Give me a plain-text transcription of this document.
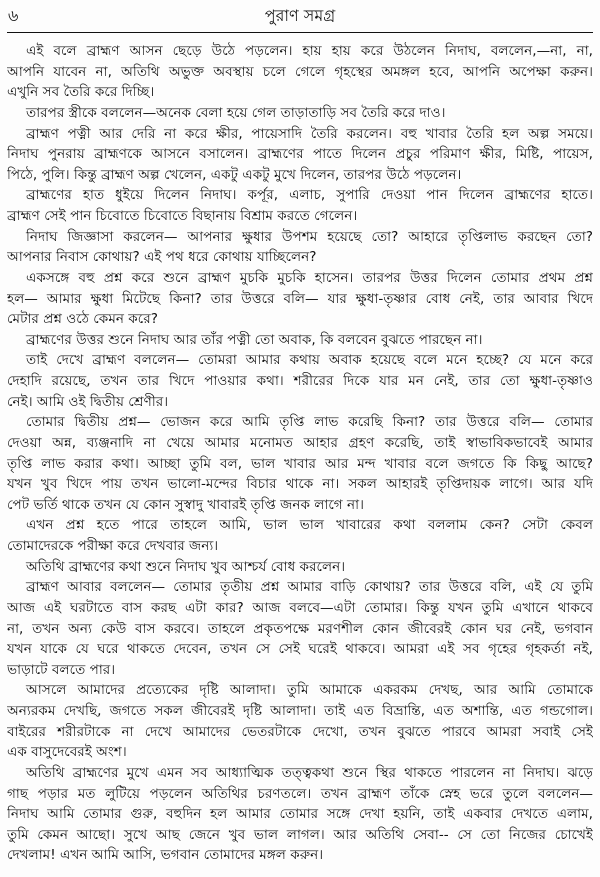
৬	পুরাণ সমগ্র
এই বলে ব্রাহ্মণ আসন ছেড়ে উঠে পড়লেন। হায় হায় করে উঠলেন নিদাঘ, বললেন,—না, না,
আপনি যাবেন না, অতিথি অভুক্ত অবস্থায় চলে গেলে গৃহস্থের অমঙ্গল হবে, আপনি অপেক্ষা করুন।
এখুনি সব তৈরি করে দিচ্ছি।
তারপর স্ত্রীকে বললেন—অনেক বেলা হয়ে গেল তাড়াতাড়ি সব তৈরি করে দাও।
ব্রাহ্মণ পত্নী আর দেরি না করে ক্ষীর, পায়েসাদি তৈরি করলেন। বহু খাবার তৈরি হল অল্প সময়ে।
নিদাঘ পুনরায় ব্রাহ্মণকে আসনে বসালেন। ব্রাহ্মণের পাতে দিলেন প্রচুর পরিমাণ ক্ষীর, মিষ্টি, পায়েস,
পিঠে, পুলি। কিন্তু ব্রাহ্মণ অল্প খেলেন, একটু একটু মুখে দিলেন, তারপর উঠে পড়লেন।
ব্রাহ্মণের হাত ধুইয়ে দিলেন নিদাঘ। কর্পূর, এলাচ, সুপারি দেওয়া পান দিলেন ব্রাহ্মণের হাতে।
ব্রাহ্মণ সেই পান চিবোতে চিবোতে বিছানায় বিশ্রাম করতে গেলেন।
নিদাঘ জিজ্ঞাসা করলেন— আপনার ক্ষুধার উপশম হয়েছে তো? আহারে তৃপ্তিলাভ করছেন তো?
আপনার নিবাস কোথায়? এই পথ ধরে কোথায় যাচ্ছিলেন?
একসঙ্গে বহু প্রশ্ন করে শুনে ব্রাহ্মণ মুচকি মুচকি হাসেন। তারপর উত্তর দিলেন তোমার প্রথম প্রশ্ন
হল— আমার ক্ষুধা মিটেছে কিনা? তার উত্তরে বলি— যার ক্ষুধা-তৃষ্ণার বোধ নেই, তার আবার খিদে
মেটার প্রশ্ন ওঠে কেমন করে?
ব্রাহ্মণের উত্তর শুনে নিদাঘ আর তাঁর পত্নী তো অবাক, কি বলবেন বুঝতে পারছেন না।
তাই দেখে ব্রাহ্মণ বললেন— তোমরা আমার কথায় অবাক হয়েছে বলে মনে হচ্ছে? যে মনে করে
দেহাদি রয়েছে, তখন তার খিদে পাওয়ার কথা। শরীরের দিকে যার মন নেই, তার তো ক্ষুধা-তৃষ্ণাও
নেই। আমি ওই দ্বিতীয় শ্রেণীর।
তোমার দ্বিতীয় প্রশ্ন— ভোজন করে আমি তৃপ্তি লাভ করেছি কিনা? তার উত্তরে বলি— তোমার
দেওয়া অন্ন, ব্যঞ্জনাদি না খেয়ে আমার মনোমত আহার গ্রহণ করেছি, তাই স্বাভাবিকভাবেই আমার
তৃপ্তি লাভ করার কথা। আচ্ছা তুমি বল, ভাল খাবার আর মন্দ খাবার বলে জগতে কি কিছু আছে?
যখন খুব খিদে পায় তখন ভালো-মন্দের বিচার থাকে না। সকল আহারই তৃপ্তিদায়ক লাগে। আর যদি
পেট ভর্তি থাকে তখন যে কোন সুস্বাদু খাবারই তৃপ্তি জনক লাগে না।
এখন প্রশ্ন হতে পারে তাহলে আমি, ভাল ভাল খাবারের কথা বললাম কেন? সেটা কেবল
তোমাদেরকে পরীক্ষা করে দেখবার জন্য।
অতিথি ব্রাহ্মণের কথা শুনে নিদাঘ খুব আশ্চর্য বোধ করলেন।
ব্রাহ্মণ আবার বললেন— তোমার তৃতীয় প্রশ্ন আমার বাড়ি কোথায়? তার উত্তরে বলি, এই যে তুমি
আজ এই ঘরটাতে বাস করছ এটা কার? আজ বলবে—এটা তোমার। কিন্তু যখন তুমি এখানে থাকবে
না, তখন অন্য কেউ বাস করবে। তাহলে প্রকৃতপক্ষে মরণশীল কোন জীবেরই কোন ঘর নেই, ভগবান
যখন যাকে যে ঘরে থাকতে দেবেন, তখন সে সেই ঘরেই থাকবে। আমরা এই সব গৃহের গৃহকর্তা নই,
ভাড়াটে বলতে পার।
আসলে আমাদের প্রত্যেকের দৃষ্টি আলাদা। তুমি আমাকে একরকম দেখছ, আর আমি তোমাকে
অন্যরকম দেখছি, জগতে সকল জীবেরই দৃষ্টি আলাদা। তাই এত বিভ্রান্তি, এত অশান্তি, এত গন্ডগোল।
বাইরের শরীরটাকে না দেখে আমাদের ভেতরটাকে দেখো, তখন বুঝতে পারবে আমরা সবাই সেই
এক বাসুদেবেরই অংশ।
অতিথি ব্রাহ্মণের মুখে এমন সব আধ্যাত্মিক তত্ত্বকথা শুনে স্থির থাকতে পারলেন না নিদাঘ। ঝড়ে
গাছ পড়ার মত লুটিয়ে পড়লেন অতিথির চরণতলে। তখন ব্রাহ্মণ তাঁকে স্নেহ ভরে তুলে বললেন—
নিদাঘ আমি তোমার গুরু, বহুদিন হল আমার তোমার সঙ্গে দেখা হয়নি, তাই একবার দেখতে এলাম,
তুমি কেমন আছো। সুখে আছ জেনে খুব ভাল লাগল। আর অতিথি সেবা-- সে তো নিজের চোখেই
দেখলাম! এখন আমি আসি, ভগবান তোমাদের মঙ্গল করুন।
